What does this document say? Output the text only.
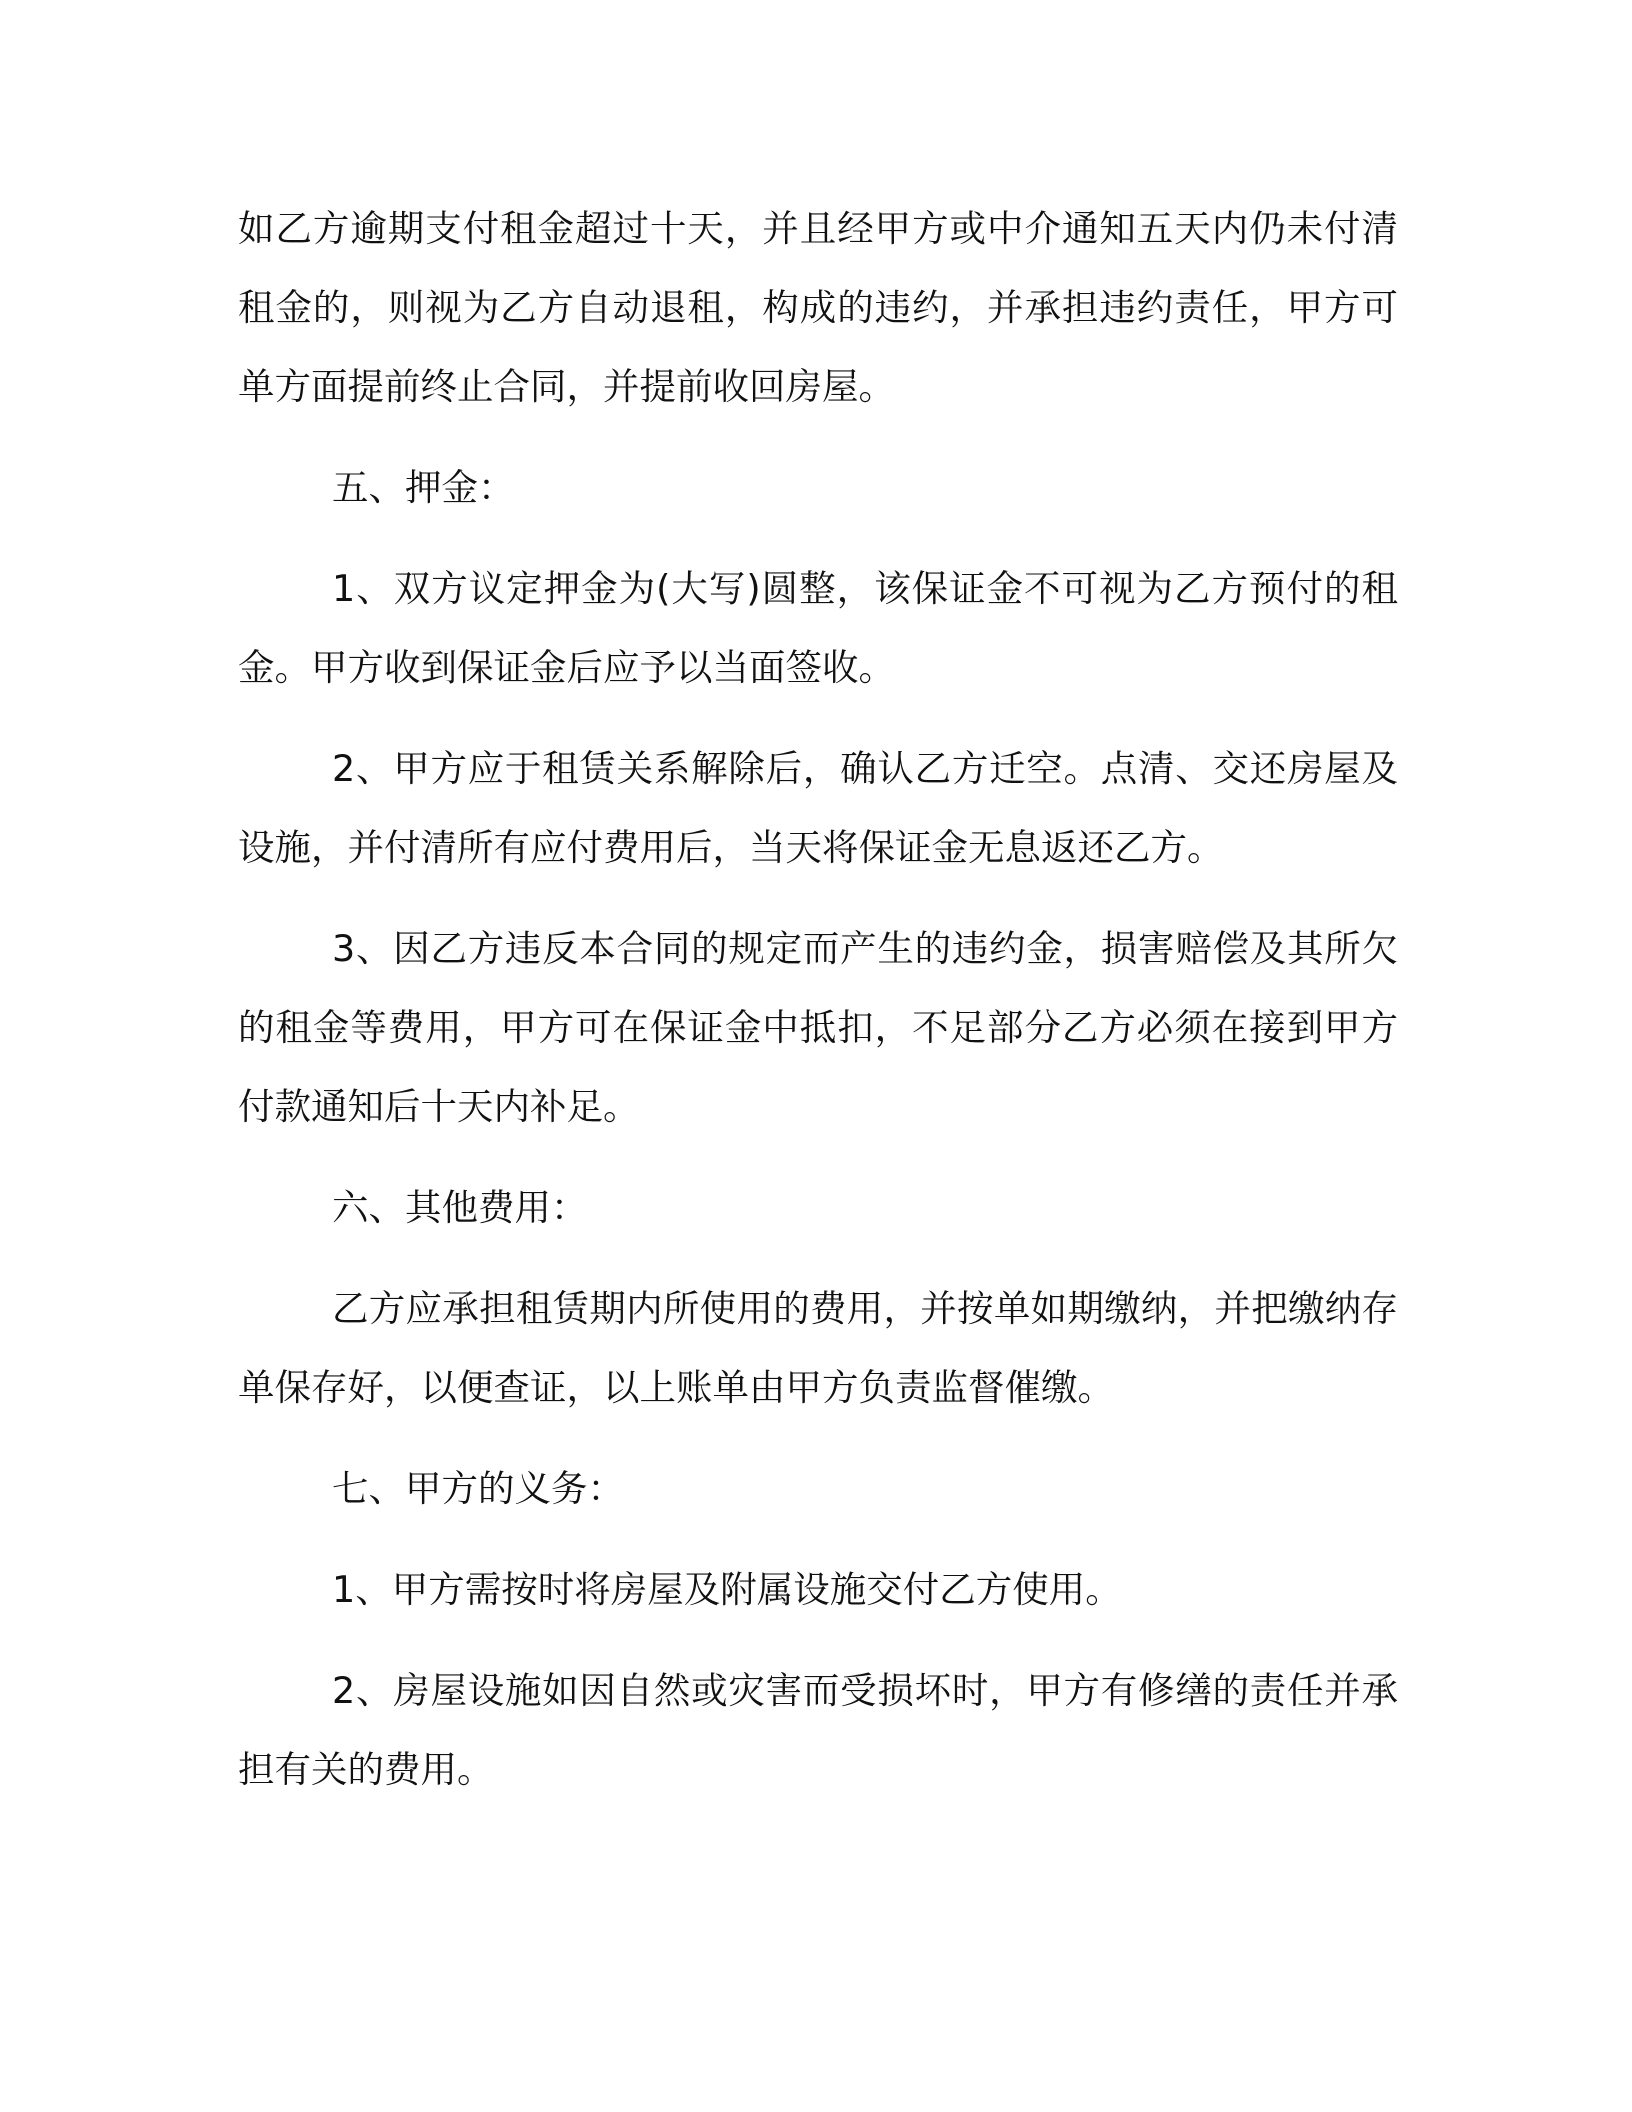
如乙方逾期支付租金超过十天，并且经甲方或中介通知五天内仍未付清租金的，则视为乙方自动退租，构成的违约，并承担违约责任，甲方可单方面提前终止合同，并提前收回房屋。

五、押金：

1、双方议定押金为(大写)圆整，该保证金不可视为乙方预付的租金。甲方收到保证金后应予以当面签收。

2、甲方应于租赁关系解除后，确认乙方迁空。点清、交还房屋及设施，并付清所有应付费用后，当天将保证金无息返还乙方。

3、因乙方违反本合同的规定而产生的违约金，损害赔偿及其所欠的租金等费用，甲方可在保证金中抵扣，不足部分乙方必须在接到甲方付款通知后十天内补足。

六、其他费用：

乙方应承担租赁期内所使用的费用，并按单如期缴纳，并把缴纳存单保存好，以便查证，以上账单由甲方负责监督催缴。

七、甲方的义务：

1、甲方需按时将房屋及附属设施交付乙方使用。

2、房屋设施如因自然或灾害而受损坏时，甲方有修缮的责任并承担有关的费用。
